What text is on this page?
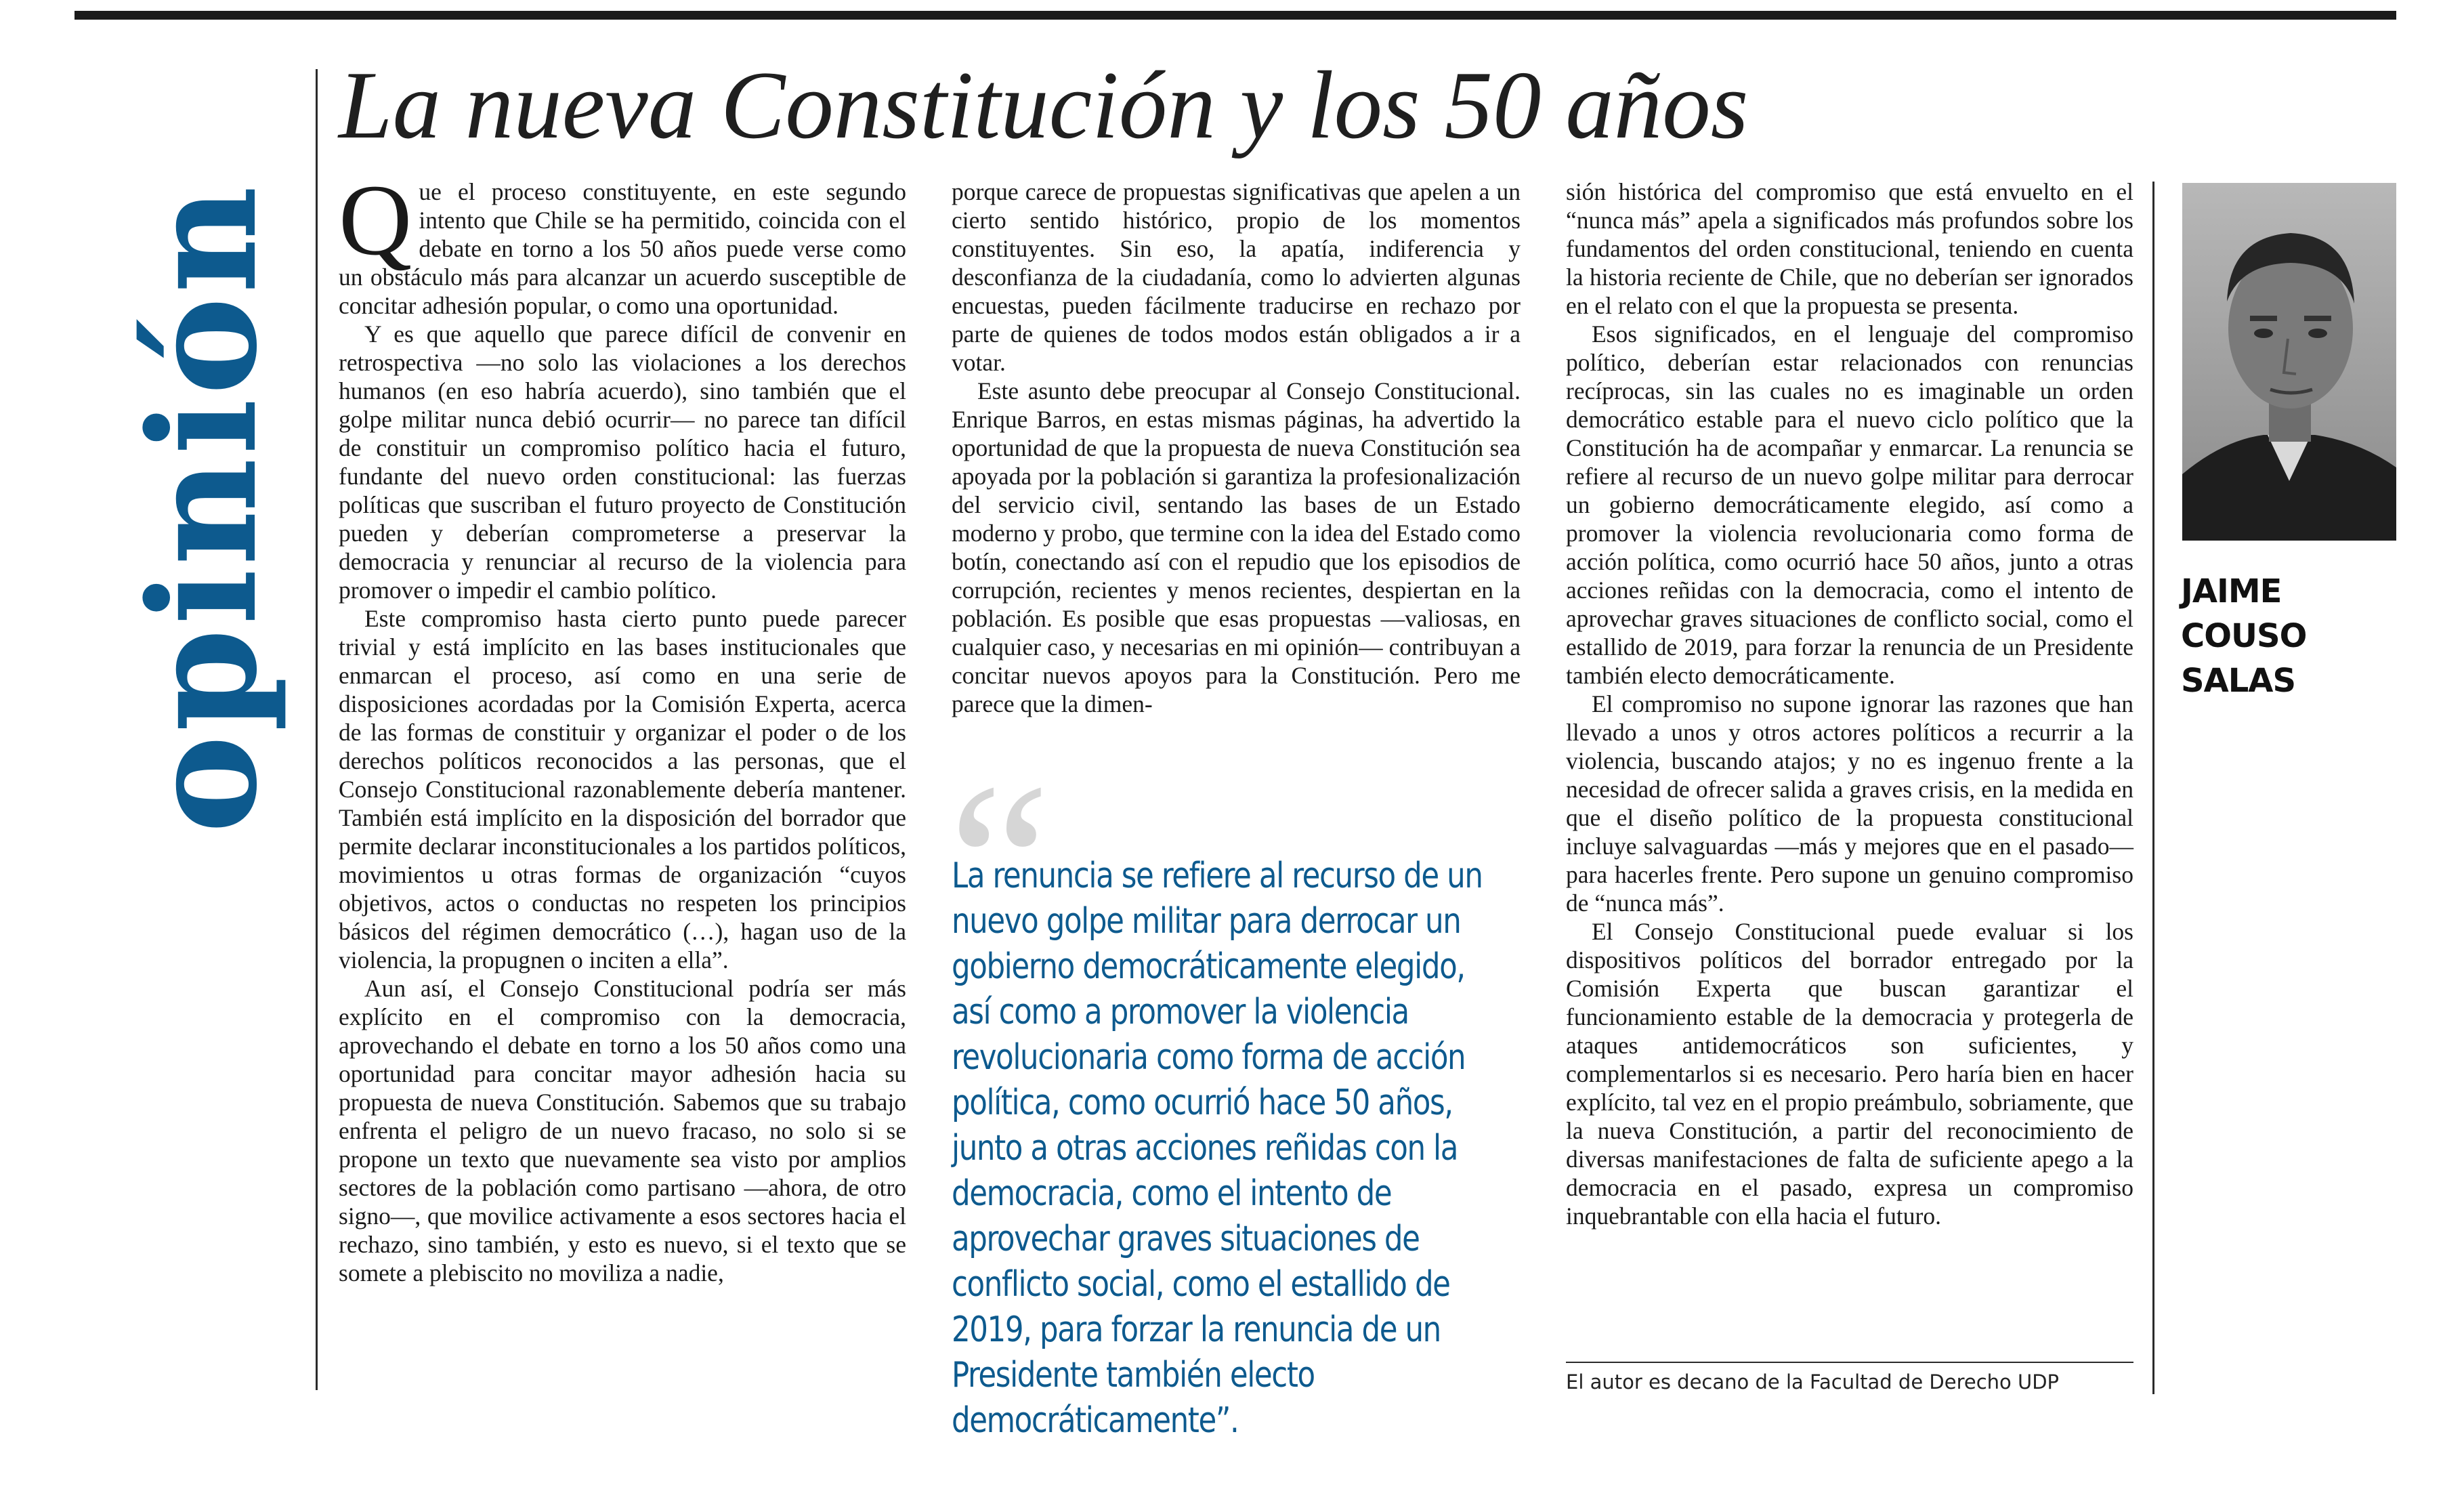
opinión
La nueva Constitución y los 50 años

Que el proceso constituyente, en este segundo intento que Chile se ha permitido, coincida con el debate en torno a los 50 años puede verse como un obstáculo más para alcanzar un acuerdo susceptible de concitar adhesión popular, o como una oportunidad.

Y es que aquello que parece difícil de convenir en retrospectiva —no solo las violaciones a los derechos humanos (en eso habría acuerdo), sino también que el golpe militar nunca debió ocurrir— no parece tan difícil de constituir un compromiso político hacia el futuro, fundante del nuevo orden constitucional: las fuerzas políticas que suscriban el futuro proyecto de Constitución pueden y deberían comprometerse a preservar la democracia y renunciar al recurso de la violencia para promover o impedir el cambio político.

Este compromiso hasta cierto punto puede parecer trivial y está implícito en las bases institucionales que enmarcan el proceso, así como en una serie de disposiciones acordadas por la Comisión Experta, acerca de las formas de constituir y organizar el poder o de los derechos políticos reconocidos a las personas, que el Consejo Constitucional razonablemente debería mantener. También está implícito en la disposición del borrador que permite declarar inconstitucionales a los partidos políticos, movimientos u otras formas de organización “cuyos objetivos, actos o conductas no respeten los principios básicos del régimen democrático (…), hagan uso de la violencia, la propugnen o inciten a ella”.

Aun así, el Consejo Constitucional podría ser más explícito en el compromiso con la democracia, aprovechando el debate en torno a los 50 años como una oportunidad para concitar mayor adhesión hacia su propuesta de nueva Constitución. Sabemos que su trabajo enfrenta el peligro de un nuevo fracaso, no solo si se propone un texto que nuevamente sea visto por amplios sectores de la población como partisano —ahora, de otro signo—, que movilice activamente a esos sectores hacia el rechazo, sino también, y esto es nuevo, si el texto que se somete a plebiscito no moviliza a nadie,

porque carece de propuestas significativas que apelen a un cierto sentido histórico, propio de los momentos constituyentes. Sin eso, la apatía, indiferencia y desconfianza de la ciudadanía, como lo advierten algunas encuestas, pueden fácilmente traducirse en rechazo por parte de quienes de todos modos están obligados a ir a votar.

Este asunto debe preocupar al Consejo Constitucional. Enrique Barros, en estas mismas páginas, ha advertido la oportunidad de que la propuesta de nueva Constitución sea apoyada por la población si garantiza la profesionalización del servicio civil, sentando las bases de un Estado moderno y probo, que termine con la idea del Estado como botín, conectando así con el repudio que los episodios de corrupción, recientes y menos recientes, despiertan en la población. Es posible que esas propuestas —valiosas, en cualquier caso, y necesarias en mi opinión— contribuyan a concitar nuevos apoyos para la Constitución. Pero me parece que la dimen-

“
La renuncia se refiere al recurso de un nuevo golpe militar para derrocar un gobierno democráticamente elegido, así como a promover la violencia revolucionaria como forma de acción política, como ocurrió hace 50 años, junto a otras acciones reñidas con la democracia, como el intento de aprovechar graves situaciones de conflicto social, como el estallido de 2019, para forzar la renuncia de un Presidente también electo democráticamente”.

sión histórica del compromiso que está envuelto en el “nunca más” apela a significados más profundos sobre los fundamentos del orden constitucional, teniendo en cuenta la historia reciente de Chile, que no deberían ser ignorados en el relato con el que la propuesta se presenta.

Esos significados, en el lenguaje del compromiso político, deberían estar relacionados con renuncias recíprocas, sin las cuales no es imaginable un orden democrático estable para el nuevo ciclo político que la Constitución ha de acompañar y enmarcar. La renuncia se refiere al recurso de un nuevo golpe militar para derrocar un gobierno democráticamente elegido, así como a promover la violencia revolucionaria como forma de acción política, como ocurrió hace 50 años, junto a otras acciones reñidas con la democracia, como el intento de aprovechar graves situaciones de conflicto social, como el estallido de 2019, para forzar la renuncia de un Presidente también electo democráticamente.

El compromiso no supone ignorar las razones que han llevado a unos y otros actores políticos a recurrir a la violencia, buscando atajos; y no es ingenuo frente a la necesidad de ofrecer salida a graves crisis, en la medida en que el diseño político de la propuesta constitucional incluye salvaguardas —más y mejores que en el pasado— para hacerles frente. Pero supone un genuino compromiso de “nunca más”.

El Consejo Constitucional puede evaluar si los dispositivos políticos del borrador entregado por la Comisión Experta que buscan garantizar el funcionamiento estable de la democracia y protegerla de ataques antidemocráticos son suficientes, y complementarlos si es necesario. Pero haría bien en hacer explícito, tal vez en el propio preámbulo, sobriamente, que la nueva Constitución, a partir del reconocimiento de diversas manifestaciones de falta de suficiente apego a la democracia en el pasado, expresa un compromiso inquebrantable con ella hacia el futuro.

El autor es decano de la Facultad de Derecho UDP
JAIME COUSO
SALAS
